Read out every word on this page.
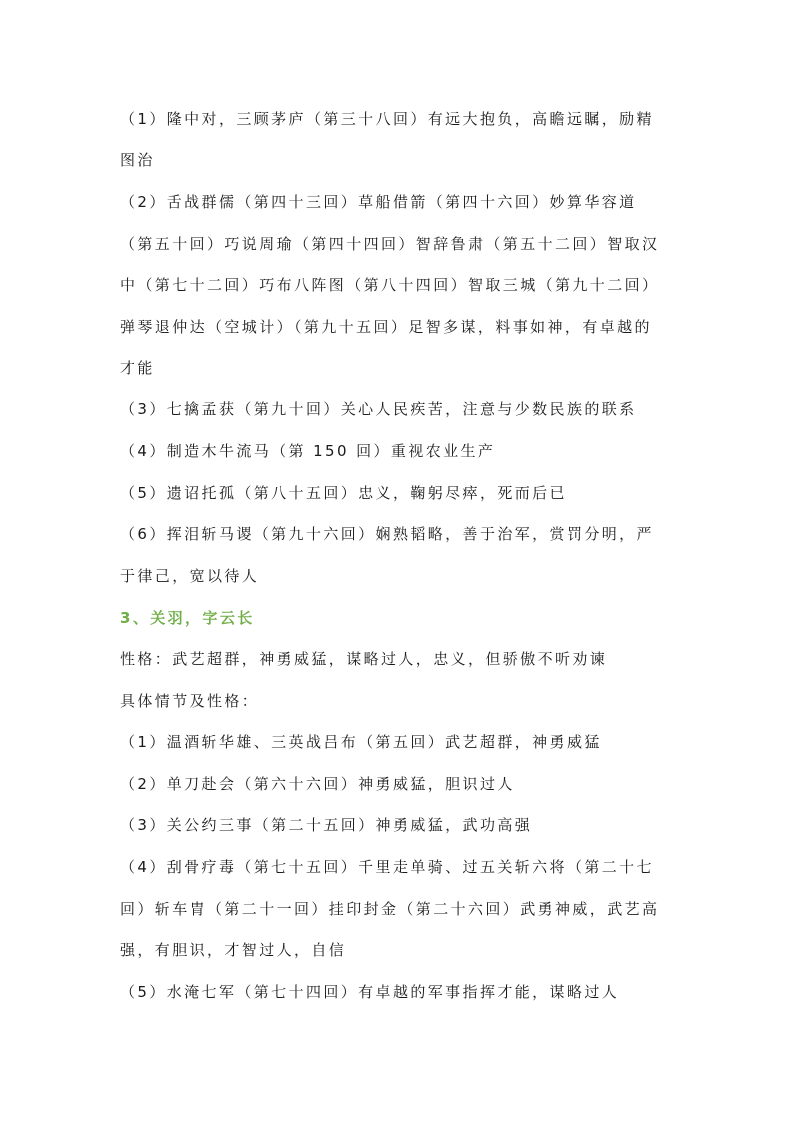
（1）隆中对，三顾茅庐（第三十八回）有远大抱负，高瞻远瞩，励精

图治

（2）舌战群儒（第四十三回）草船借箭（第四十六回）妙算华容道

（第五十回）巧说周瑜（第四十四回）智辞鲁肃（第五十二回）智取汉

中（第七十二回）巧布八阵图（第八十四回）智取三城（第九十二回）

弹琴退仲达（空城计）（第九十五回）足智多谋，料事如神，有卓越的

才能

（3）七擒孟获（第九十回）关心人民疾苦，注意与少数民族的联系

（4）制造木牛流马（第 150 回）重视农业生产

（5）遗诏托孤（第八十五回）忠义，鞠躬尽瘁，死而后已

（6）挥泪斩马谡（第九十六回）娴熟韬略，善于治军，赏罚分明，严

于律己，宽以待人

3、关羽，字云长

性格：武艺超群，神勇威猛，谋略过人，忠义，但骄傲不听劝谏

具体情节及性格：

（1）温酒斩华雄、三英战吕布（第五回）武艺超群，神勇威猛

（2）单刀赴会（第六十六回）神勇威猛，胆识过人

（3）关公约三事（第二十五回）神勇威猛，武功高强

（4）刮骨疗毒（第七十五回）千里走单骑、过五关斩六将（第二十七

回）斩车胄（第二十一回）挂印封金（第二十六回）武勇神威，武艺高

强，有胆识，才智过人，自信

（5）水淹七军（第七十四回）有卓越的军事指挥才能，谋略过人
